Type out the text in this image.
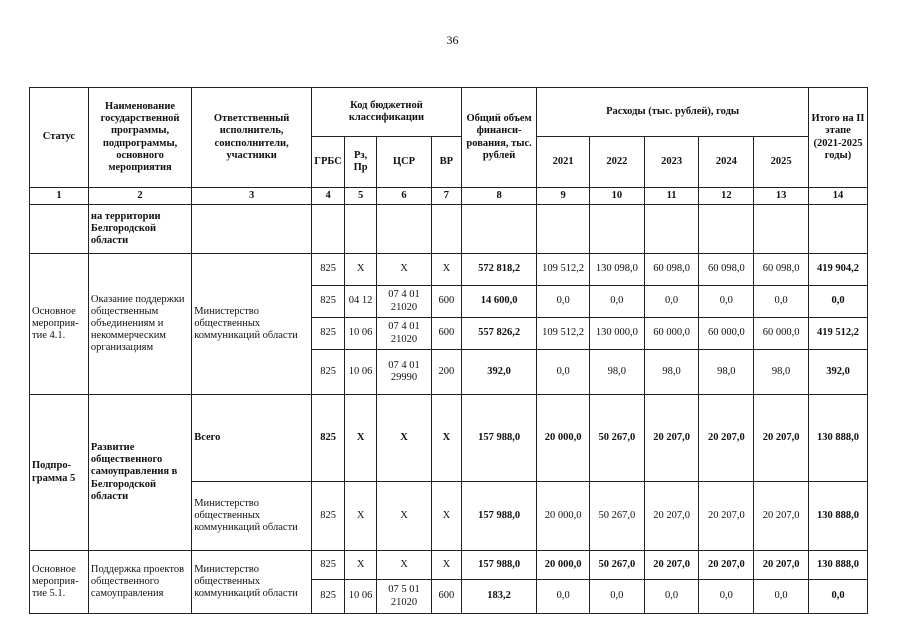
36
Статус	Наименование государственной программы, подпрограммы, основного мероприятия	Ответственный исполнитель, соисполнители, участники	Код бюджетной классификации				Общий объем финанси-рования, тыс. рублей	Расходы (тыс. рублей), годы					Итого на II этапе (2021-2025 годы)
			ГРБС	Рз, Пр	ЦСР	ВР		2021	2022	2023	2024	2025	
1	2	3	4	5	6	7	8	9	10	11	12	13	14
	на территории Белгородской области												
Основное мероприя-тие 4.1.	Оказание поддержки общественным объединениям и некоммерческим организациям	Министерство общественных коммуникаций области	825	Х	Х	Х	572 818,2	109 512,2	130 098,0	60 098,0	60 098,0	60 098,0	419 904,2
			825	04 12	07 4 01 21020	600	14 600,0	0,0	0,0	0,0	0,0	0,0	0,0
			825	10 06	07 4 01 21020	600	557 826,2	109 512,2	130 000,0	60 000,0	60 000,0	60 000,0	419 512,2
			825	10 06	07 4 01 29990	200	392,0	0,0	98,0	98,0	98,0	98,0	392,0
Подпро-грамма 5	Развитие общественного самоуправления в Белгородской области	Всего	825	Х	Х	Х	157 988,0	20 000,0	50 267,0	20 207,0	20 207,0	20 207,0	130 888,0
		Министерство общественных коммуникаций области	825	Х	Х	Х	157 988,0	20 000,0	50 267,0	20 207,0	20 207,0	20 207,0	130 888,0
Основное мероприя-тие 5.1.	Поддержка проектов общественного самоуправления	Министерство общественных коммуникаций области	825	Х	Х	Х	157 988,0	20 000,0	50 267,0	20 207,0	20 207,0	20 207,0	130 888,0
			825	10 06	07 5 01 21020	600	183,2	0,0	0,0	0,0	0,0	0,0	0,0
